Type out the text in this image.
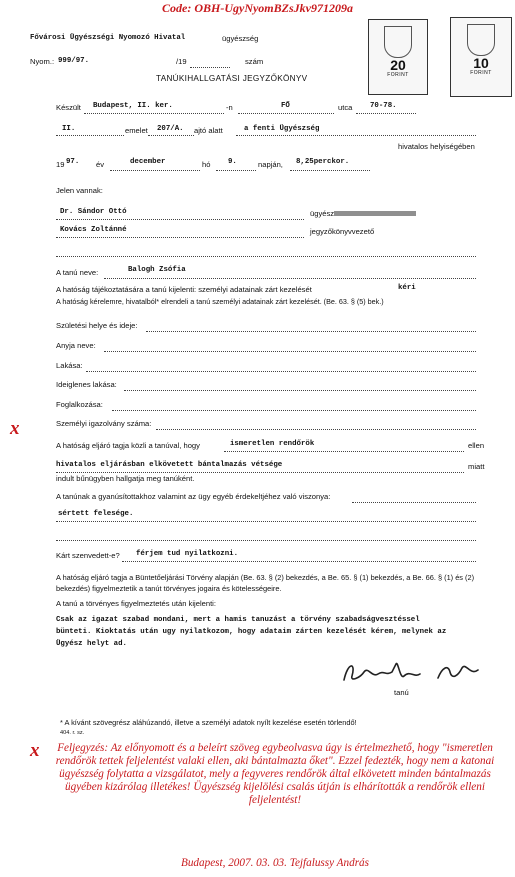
Code: OBH-UgyNyomBZsJkv971209a
20
FORINT
10
FORINT
Fővárosi Ügyészségi Nyomozó Hivatal	ügyészség
Nyom.: 999/97.	/19	szám
TANÚKIHALLGATÁSI JEGYZŐKÖNYV
Készült Budapest, II. ker.	-n	FŐ	utca 70-78.
II.	emelet 207/A. ajtó alatt	a fenti Ügyészség
hivatalos helyiségében
19 97. év	december	hó 9.	napján, 8,25perckor.
Jelen vannak:
Dr. Sándor Ottó	ügyész
Kovács Zoltánné	jegyzőkönyvvezető
A tanú neve:	Balogh Zsófia
A hatóság tájékoztatására a tanú kijelenti: személyi adatainak zárt kezelését	kéri
A hatóság kérelemre, hivatalból* elrendeli a tanú személyi adatainak zárt kezelését. (Be. 63. § (5) bek.)
Születési helye és ideje:
Anyja neve:
Lakása:
Ideiglenes lakása:
Foglalkozása:
Személyi igazolvány száma:
x
A hatóság eljáró tagja közli a tanúval, hogy	ismeretlen rendőrök	ellen
hivatalos eljárásban elkövetett bántalmazás vétsége	miatt
indult bűnügyben hallgatja meg tanúként.
A tanúnak a gyanúsítottakhoz valamint az ügy egyéb érdekeltjéhez való viszonya:
sértett felesége.
Kárt szenvedett-e? férjem tud nyilatkozni.
A hatóság eljáró tagja a Büntetőeljárási Törvény alapján (Be. 63. § (2) bekezdés, a Be. 65. § (1) bekezdés, a Be. 66. § (1) és (2) bekezdés) figyelmeztetik a tanút törvényes jogaira és kötelességeire.
A tanú a törvényes figyelmeztetés után kijelenti:
Csak az igazat szabad mondani, mert a hamis tanuzást a törvény szabadságvesztéssel bünteti. Kioktatás után ugy nyilatkozom, hogy adataim zárten kezelését kérem, melynek az Ügyész helyt ad.
tanú
* A kívánt szövegrész aláhúzandó, illetve a személyi adatok nyílt kezelése esetén törlendő!
404. r. sz.
x	Feljegyzés: Az előnyomott és a beleírt szöveg egybeolvasva úgy is értelmezhető, hogy "ismeretlen rendőrök tettek feljelentést valaki ellen, aki bántalmazta őket". Ezzel fedezték, hogy nem a katonai ügyészség folytatta a vizsgálatot, mely a fegyveres rendőrök által elkövetett minden bántalmazás ügyében kizárólag illetékes! Ügyészség kijelölési csalás útján is elhárították a rendőrök elleni feljelentést!
Budapest, 2007. 03. 03. Tejfalussy András
